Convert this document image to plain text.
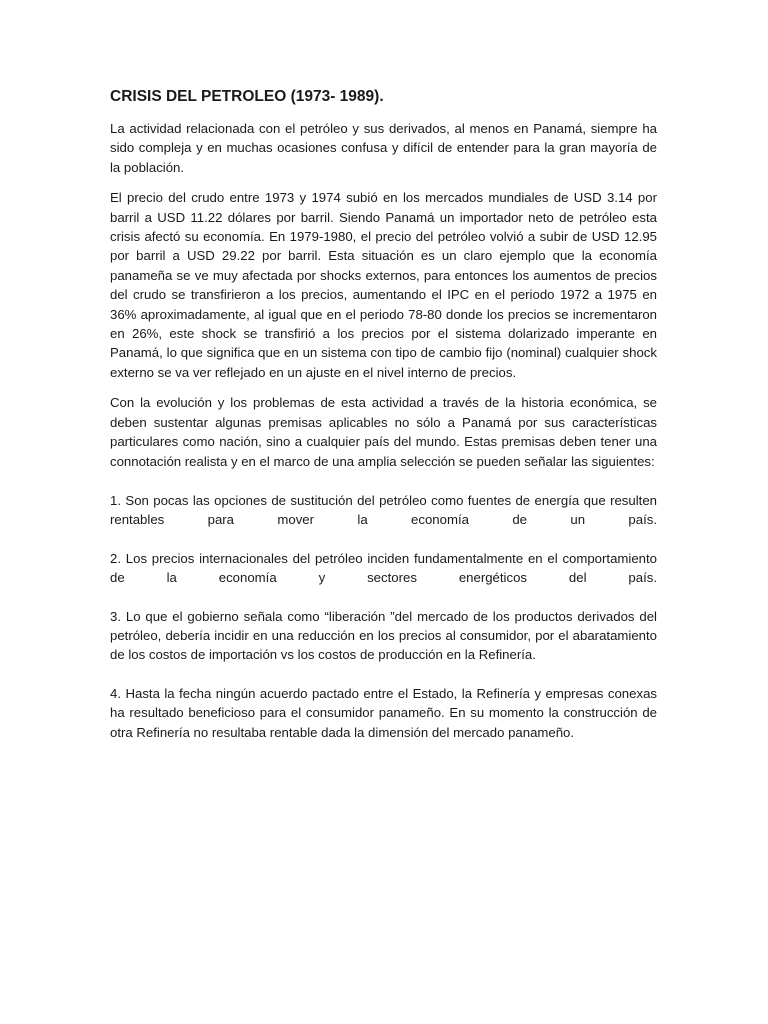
CRISIS DEL PETROLEO (1973- 1989).

La actividad relacionada con el petróleo y sus derivados, al menos en Panamá, siempre ha sido compleja y en muchas ocasiones confusa y difícil de entender para la gran mayoría de la población.

El precio del crudo entre 1973 y 1974 subió en los mercados mundiales de USD 3.14 por barril a USD 11.22 dólares por barril. Siendo Panamá un importador neto de petróleo esta crisis afectó su economía. En 1979-1980, el precio del petróleo volvió a subir de USD 12.95 por barril a USD 29.22 por barril. Esta situación es un claro ejemplo que la economía panameña se ve muy afectada por shocks externos, para entonces los aumentos de precios del crudo se transfirieron a los precios, aumentando el IPC en el periodo 1972 a 1975 en 36% aproximadamente, al igual que en el periodo 78-80 donde los precios se incrementaron en 26%, este shock se transfirió a los precios por el sistema dolarizado imperante en Panamá, lo que significa que en un sistema con tipo de cambio fijo (nominal) cualquier shock externo se va ver reflejado en un ajuste en el nivel interno de precios.

Con la evolución y los problemas de esta actividad a través de la historia económica, se deben sustentar algunas premisas aplicables no sólo a Panamá por sus características particulares como nación, sino a cualquier país del mundo. Estas premisas deben tener una connotación realista y en el marco de una amplia selección se pueden señalar las siguientes:

1. Son pocas las opciones de sustitución del petróleo como fuentes de energía que resulten rentables para mover la economía de un país.

2. Los precios internacionales del petróleo inciden fundamentalmente en el comportamiento de la economía y sectores energéticos del país.

3. Lo que el gobierno señala como “liberación ”del mercado de los productos derivados del petróleo, debería incidir en una reducción en los precios al consumidor, por el abaratamiento de los costos de importación vs los costos de producción en la Refinería.

4. Hasta la fecha ningún acuerdo pactado entre el Estado, la Refinería y empresas conexas ha resultado beneficioso para el consumidor panameño. En su momento la construcción de otra Refinería no resultaba rentable dada la dimensión del mercado panameño.
